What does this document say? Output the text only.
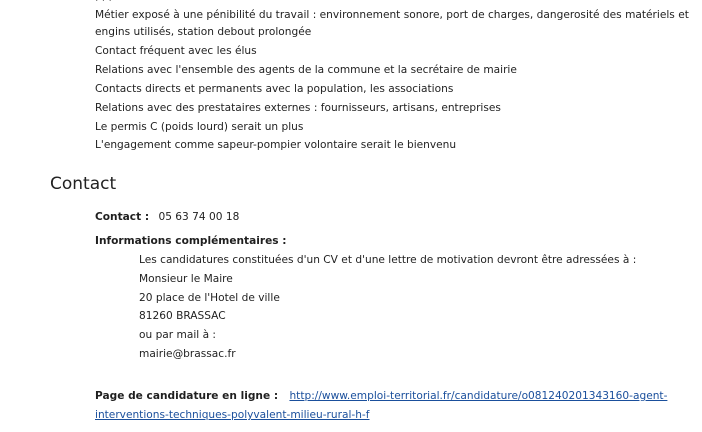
· · ·
Métier exposé à une pénibilité du travail : environnement sonore, port de charges, dangerosité des matériels et
engins utilisés, station debout prolongée
Contact fréquent avec les élus
Relations avec l'ensemble des agents de la commune et la secrétaire de mairie
Contacts directs et permanents avec la population, les associations
Relations avec des prestataires externes : fournisseurs, artisans, entreprises
Le permis C (poids lourd) serait un plus
L'engagement comme sapeur-pompier volontaire serait le bienvenu
Contact
Contact : 05 63 74 00 18
Informations complémentaires :
Les candidatures constituées d'un CV et d'une lettre de motivation devront être adressées à :
Monsieur le Maire
20 place de l'Hotel de ville
81260 BRASSAC
ou par mail à :
mairie@brassac.fr
Page de candidature en ligne : http://www.emploi-territorial.fr/candidature/o081240201343160-agent-
interventions-techniques-polyvalent-milieu-rural-h-f
